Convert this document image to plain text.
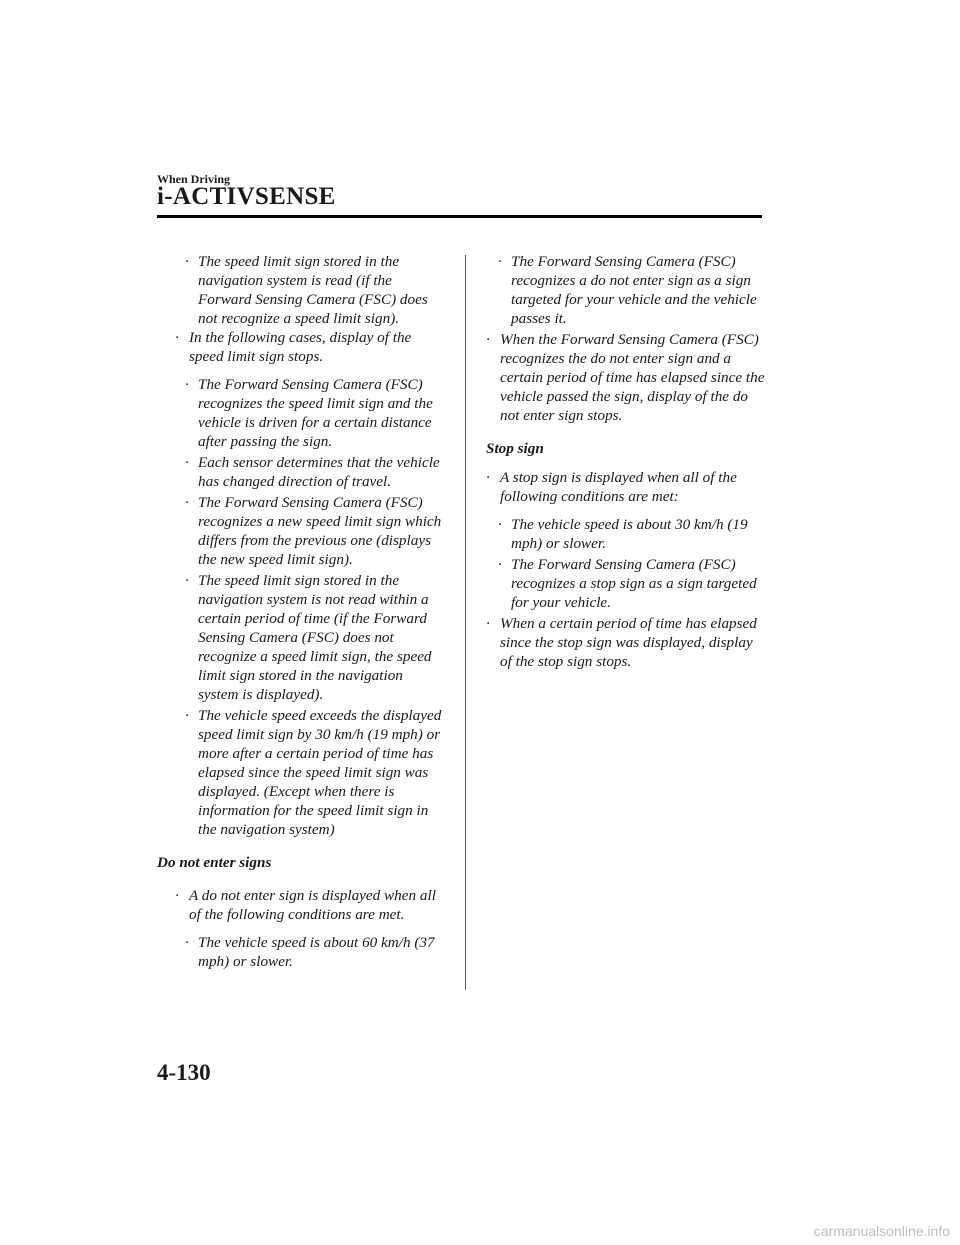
When Driving
i-ACTIVSENSE
· The speed limit sign stored in the navigation system is read (if the Forward Sensing Camera (FSC) does not recognize a speed limit sign).
· In the following cases, display of the speed limit sign stops.
· The Forward Sensing Camera (FSC) recognizes the speed limit sign and the vehicle is driven for a certain distance after passing the sign.
· Each sensor determines that the vehicle has changed direction of travel.
· The Forward Sensing Camera (FSC) recognizes a new speed limit sign which differs from the previous one (displays the new speed limit sign).
· The speed limit sign stored in the navigation system is not read within a certain period of time (if the Forward Sensing Camera (FSC) does not recognize a speed limit sign, the speed limit sign stored in the navigation system is displayed).
· The vehicle speed exceeds the displayed speed limit sign by 30 km/h (19 mph) or more after a certain period of time has elapsed since the speed limit sign was displayed. (Except when there is information for the speed limit sign in the navigation system)
Do not enter signs
· A do not enter sign is displayed when all of the following conditions are met.
· The vehicle speed is about 60 km/h (37 mph) or slower.
· The Forward Sensing Camera (FSC) recognizes a do not enter sign as a sign targeted for your vehicle and the vehicle passes it.
· When the Forward Sensing Camera (FSC) recognizes the do not enter sign and a certain period of time has elapsed since the vehicle passed the sign, display of the do not enter sign stops.
Stop sign
· A stop sign is displayed when all of the following conditions are met:
· The vehicle speed is about 30 km/h (19 mph) or slower.
· The Forward Sensing Camera (FSC) recognizes a stop sign as a sign targeted for your vehicle.
· When a certain period of time has elapsed since the stop sign was displayed, display of the stop sign stops.
4-130
carmanualsonline.info
